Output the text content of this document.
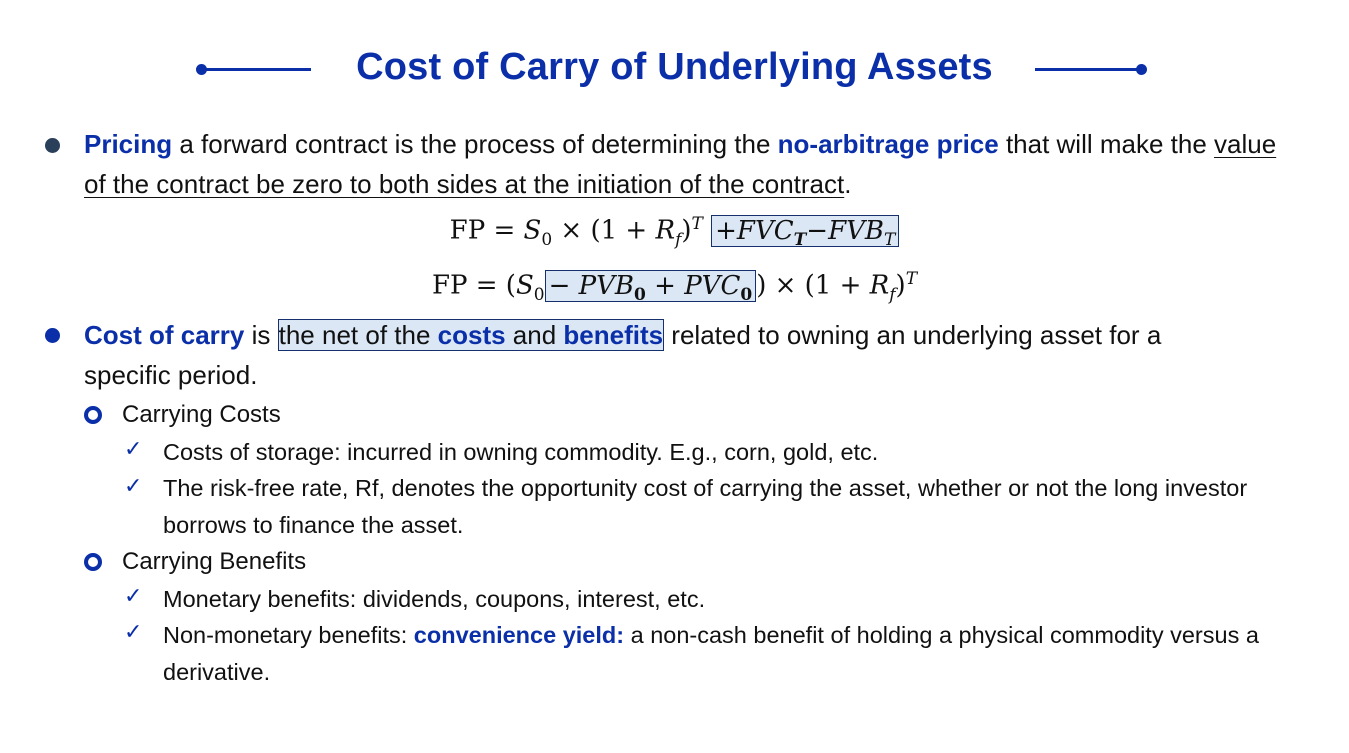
Cost of Carry of Underlying Assets
Pricing a forward contract is the process of determining the no-arbitrage price that will make the value of the contract be zero to both sides at the initiation of the contract.
FP = $S_0 \times (1 + R_f)^T +FVC_T-FVB_T$
FP = ($S_0 - PVB_0 + PVC_0$ ) × $(1 + R_f)^T$
Cost of carry is the net of the costs and benefits related to owning an underlying asset for a
specific period.
Carrying Costs
✓ Costs of storage: incurred in owning commodity. E.g., corn, gold, etc.
✓ The risk-free rate, Rf, denotes the opportunity cost of carrying the asset, whether or not the long investor borrows to finance the asset.
Carrying Benefits
✓ Monetary benefits: dividends, coupons, interest, etc.
✓ Non-monetary benefits: convenience yield: a non-cash benefit of holding a physical commodity versus a derivative.
